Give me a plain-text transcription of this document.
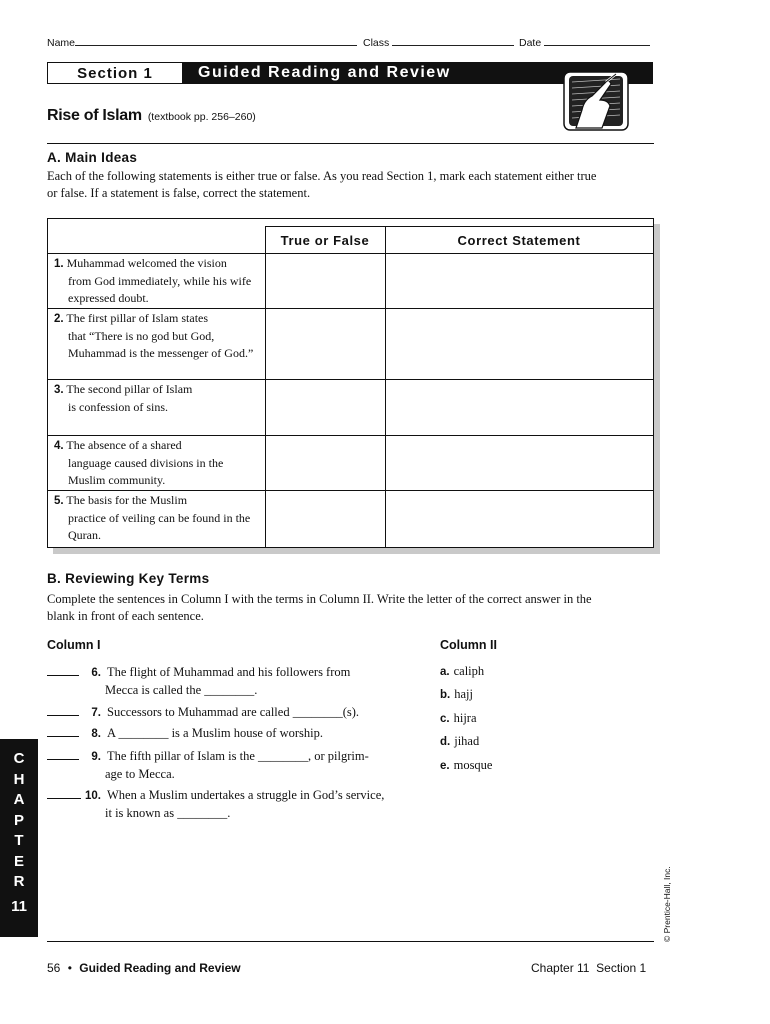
Name	Class	Date
Section 1	Guided Reading and Review
Rise of Islam (textbook pp. 256–260)
A. Main Ideas
Each of the following statements is either true or false. As you read Section 1, mark each statement either true or false. If a statement is false, correct the statement.
True or False	Correct Statement
1. Muhammad welcomed the vision
from God immediately, while his wife expressed doubt.
2. The first pillar of Islam states
that “There is no god but God, Muhammad is the messenger of God.”
3. The second pillar of Islam
is confession of sins.
4. The absence of a shared
language caused divisions in the Muslim community.
5. The basis for the Muslim
practice of veiling can be found in the Quran.
B. Reviewing Key Terms
Complete the sentences in Column I with the terms in Column II. Write the letter of the correct answer in the blank in front of each sentence.
Column I	Column II
6. The flight of Muhammad and his followers from
Mecca is called the ________.
7. Successors to Muhammad are called ________(s).
8. A ________ is a Muslim house of worship.
9. The fifth pillar of Islam is the ________, or pilgrim-
age to Mecca.
10. When a Muslim undertakes a struggle in God’s service,
it is known as ________.
a. caliph
b. hajj
c. hijra
d. jihad
e. mosque
C
H
A
P
T
E
R
11	© Prentice-Hall, Inc.
56 • Guided Reading and Review	Chapter 11  Section 1
